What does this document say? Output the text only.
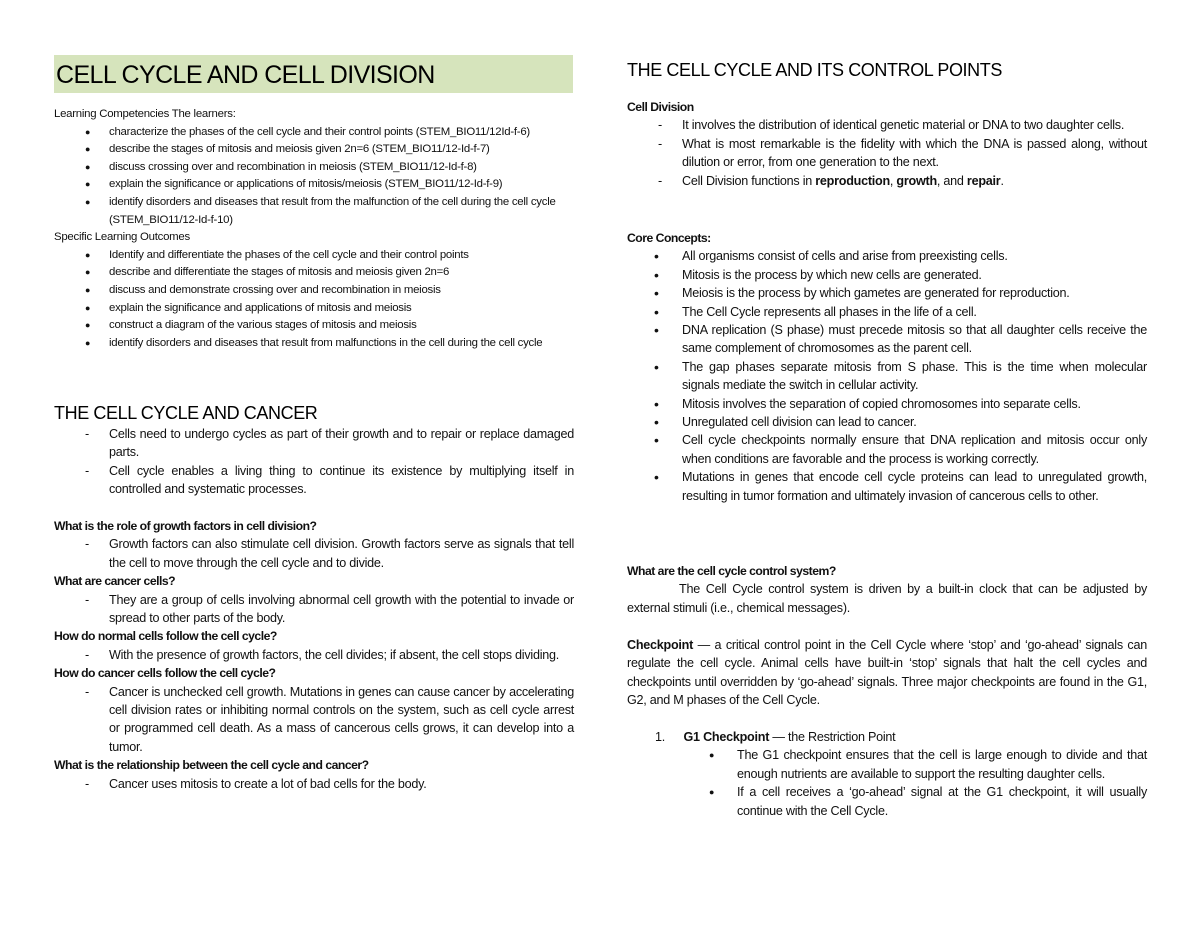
CELL CYCLE AND CELL DIVISION
Learning Competencies The learners:
● characterize the phases of the cell cycle and their control points (STEM_BIO11/12Id-f-6)
● describe the stages of mitosis and meiosis given 2n=6 (STEM_BIO11/12-Id-f-7)
● discuss crossing over and recombination in meiosis (STEM_BIO11/12-Id-f-8)
● explain the significance or applications of mitosis/meiosis (STEM_BIO11/12-Id-f-9)
● identify disorders and diseases that result from the malfunction of the cell during the cell cycle (STEM_BIO11/12-Id-f-10)
Specific Learning Outcomes
● Identify and differentiate the phases of the cell cycle and their control points
● describe and differentiate the stages of mitosis and meiosis given 2n=6
● discuss and demonstrate crossing over and recombination in meiosis
● explain the significance and applications of mitosis and meiosis
● construct a diagram of the various stages of mitosis and meiosis
● identify disorders and diseases that result from malfunctions in the cell during the cell cycle
THE CELL CYCLE AND CANCER
- Cells need to undergo cycles as part of their growth and to repair or replace damaged parts.
- Cell cycle enables a living thing to continue its existence by multiplying itself in controlled and systematic processes.
What is the role of growth factors in cell division?
- Growth factors can also stimulate cell division. Growth factors serve as signals that tell the cell to move through the cell cycle and to divide.
What are cancer cells?
- They are a group of cells involving abnormal cell growth with the potential to invade or spread to other parts of the body.
How do normal cells follow the cell cycle?
- With the presence of growth factors, the cell divides; if absent, the cell stops dividing.
How do cancer cells follow the cell cycle?
- Cancer is unchecked cell growth. Mutations in genes can cause cancer by accelerating cell division rates or inhibiting normal controls on the system, such as cell cycle arrest or programmed cell death. As a mass of cancerous cells grows, it can develop into a tumor.
What is the relationship between the cell cycle and cancer?
- Cancer uses mitosis to create a lot of bad cells for the body.
THE CELL CYCLE AND ITS CONTROL POINTS
Cell Division
- It involves the distribution of identical genetic material or DNA to two daughter cells.
- What is most remarkable is the fidelity with which the DNA is passed along, without dilution or error, from one generation to the next.
- Cell Division functions in reproduction, growth, and repair.
Core Concepts:
• All organisms consist of cells and arise from preexisting cells.
• Mitosis is the process by which new cells are generated.
• Meiosis is the process by which gametes are generated for reproduction.
• The Cell Cycle represents all phases in the life of a cell.
• DNA replication (S phase) must precede mitosis so that all daughter cells receive the same complement of chromosomes as the parent cell.
• The gap phases separate mitosis from S phase. This is the time when molecular signals mediate the switch in cellular activity.
• Mitosis involves the separation of copied chromosomes into separate cells.
• Unregulated cell division can lead to cancer.
• Cell cycle checkpoints normally ensure that DNA replication and mitosis occur only when conditions are favorable and the process is working correctly.
• Mutations in genes that encode cell cycle proteins can lead to unregulated growth, resulting in tumor formation and ultimately invasion of cancerous cells to other.
What are the cell cycle control system?
The Cell Cycle control system is driven by a built-in clock that can be adjusted by external stimuli (i.e., chemical messages).
Checkpoint — a critical control point in the Cell Cycle where ‘stop’ and ‘go-ahead’ signals can regulate the cell cycle. Animal cells have built-in ‘stop’ signals that halt the cell cycles and checkpoints until overridden by ‘go-ahead’ signals. Three major checkpoints are found in the G1, G2, and M phases of the Cell Cycle.
1. G1 Checkpoint — the Restriction Point
● The G1 checkpoint ensures that the cell is large enough to divide and that enough nutrients are available to support the resulting daughter cells.
● If a cell receives a ‘go-ahead’ signal at the G1 checkpoint, it will usually continue with the Cell Cycle.
